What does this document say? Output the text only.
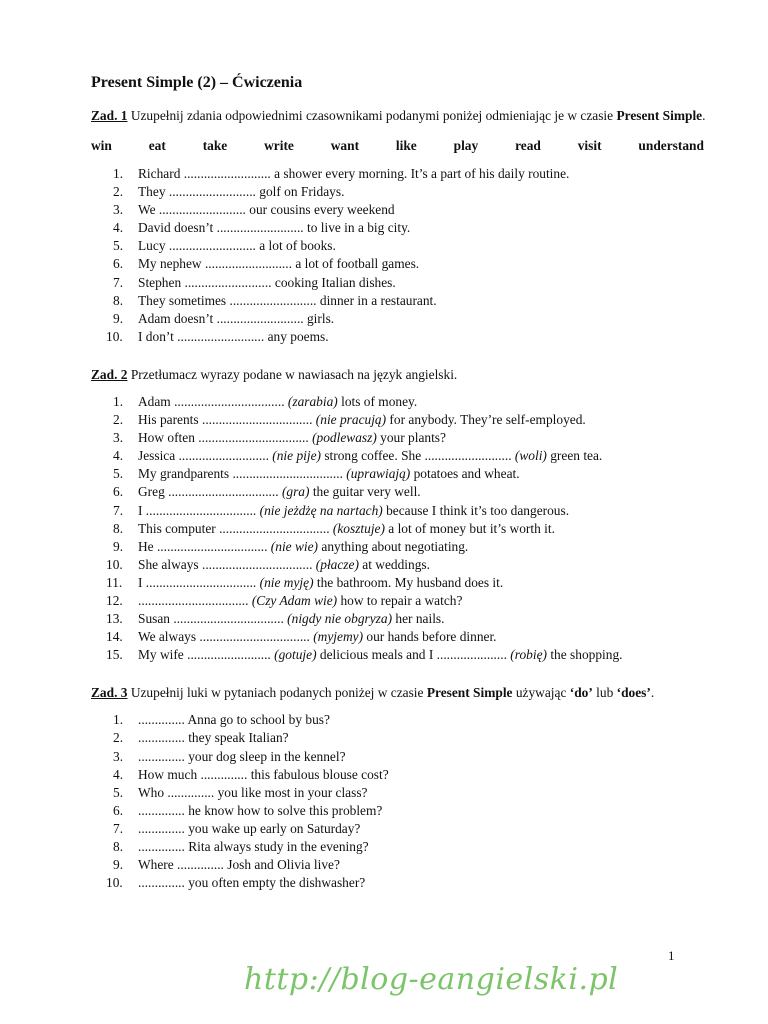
Present Simple (2) – Ćwiczenia

Zad. 1 Uzupełnij zdania odpowiednimi czasownikami podanymi poniżej odmieniając je w czasie Present Simple.

win	eat	take	write	want	like	play	read	visit	understand
1.	Richard .......................... a shower every morning. It’s a part of his daily routine.
2.	They .......................... golf on Fridays.
3.	We .......................... our cousins every weekend
4.	David doesn’t .......................... to live in a big city.
5.	Lucy .......................... a lot of books.
6.	My nephew .......................... a lot of football games.
7.	Stephen .......................... cooking Italian dishes.
8.	They sometimes .......................... dinner in a restaurant.
9.	Adam doesn’t .......................... girls.
10.	I don’t .......................... any poems.

Zad. 2 Przetłumacz wyrazy podane w nawiasach na język angielski.

1.	Adam ................................. (zarabia) lots of money.
2.	His parents ................................. (nie pracują) for anybody. They’re self-employed.
3.	How often ................................. (podlewasz) your plants?
4.	Jessica ........................... (nie pije) strong coffee. She .......................... (woli) green tea.
5.	My grandparents ................................. (uprawiają) potatoes and wheat.
6.	Greg ................................. (gra) the guitar very well.
7.	I ................................. (nie jeżdżę na nartach) because I think it’s too dangerous.
8.	This computer ................................. (kosztuje) a lot of money but it’s worth it.
9.	He ................................. (nie wie) anything about negotiating.
10.	She always ................................. (płacze) at weddings.
11.	I ................................. (nie myję) the bathroom. My husband does it.
12.	................................. (Czy Adam wie) how to repair a watch?
13.	Susan ................................. (nigdy nie obgryza) her nails.
14.	We always ................................. (myjemy) our hands before dinner.
15.	My wife ......................... (gotuje) delicious meals and I ..................... (robię) the shopping.

Zad. 3 Uzupełnij luki w pytaniach podanych poniżej w czasie Present Simple używając ‘do’ lub ‘does’.

1.	.............. Anna go to school by bus?
2.	.............. they speak Italian?
3.	.............. your dog sleep in the kennel?
4.	How much .............. this fabulous blouse cost?
5.	Who .............. you like most in your class?
6.	.............. he know how to solve this problem?
7.	.............. you wake up early on Saturday?
8.	.............. Rita always study in the evening?
9.	Where .............. Josh and Olivia live?
10.	.............. you often empty the dishwasher?
1
http://blog-eangielski.pl
